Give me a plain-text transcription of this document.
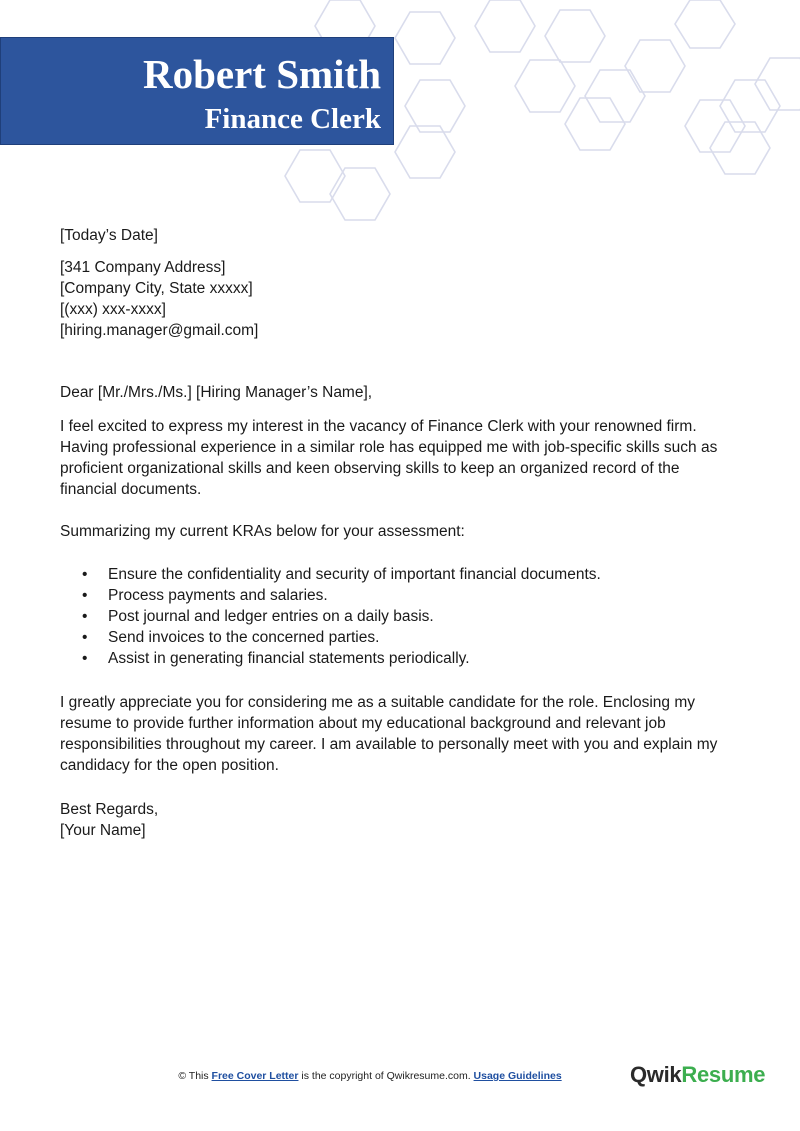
Robert Smith
Finance Clerk
[Today’s Date]
[341 Company Address]
[Company City, State xxxxx]
[(xxx) xxx-xxxx]
[hiring.manager@gmail.com]
Dear [Mr./Mrs./Ms.] [Hiring Manager’s Name],
I feel excited to express my interest in the vacancy of Finance Clerk with your renowned firm.
Having professional experience in a similar role has equipped me with job-specific skills such as
proficient organizational skills and keen observing skills to keep an organized record of the
financial documents.
Summarizing my current KRAs below for your assessment:
• Ensure the confidentiality and security of important financial documents.
• Process payments and salaries.
• Post journal and ledger entries on a daily basis.
• Send invoices to the concerned parties.
• Assist in generating financial statements periodically.
I greatly appreciate you for considering me as a suitable candidate for the role. Enclosing my
resume to provide further information about my educational background and relevant job
responsibilities throughout my career. I am available to personally meet with you and explain my
candidacy for the open position.
Best Regards,
[Your Name]
© This Free Cover Letter is the copyright of Qwikresume.com. Usage Guidelines	QwikResume
